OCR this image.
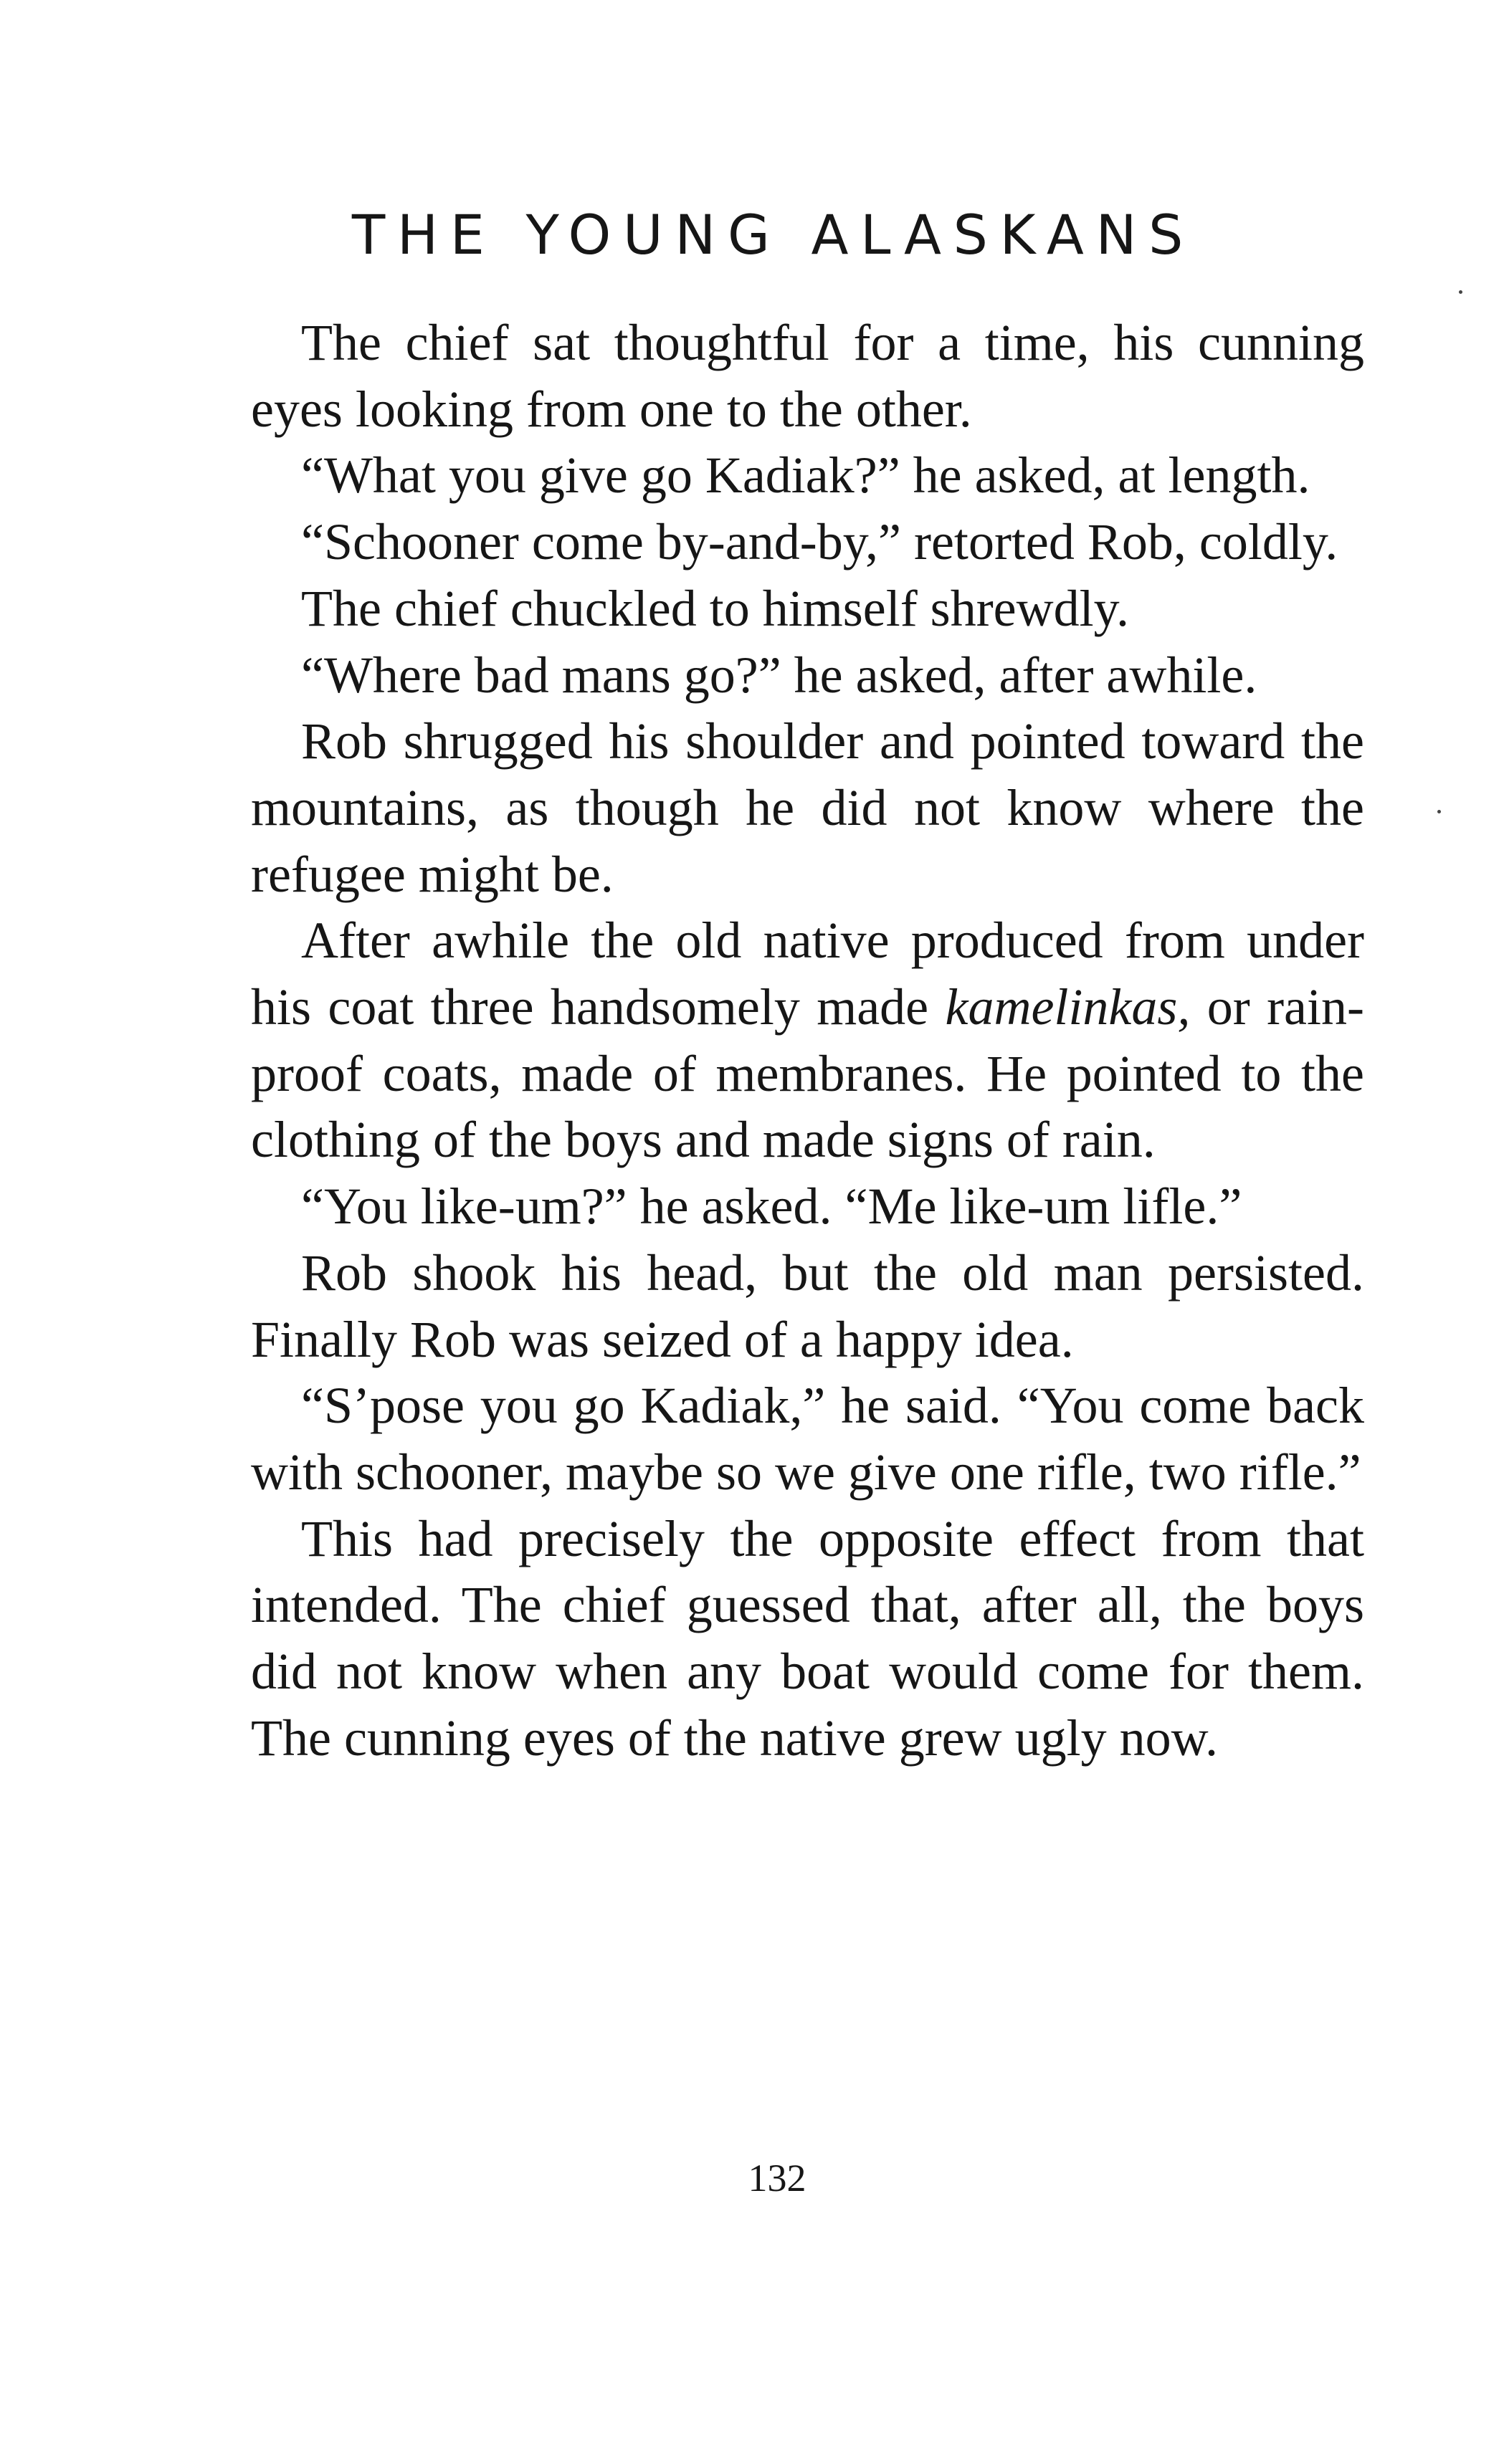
THE YOUNG ALASKANS

The chief sat thoughtful for a time, his cunning eyes looking from one to the other.

“What you give go Kadiak?” he asked, at length.

“Schooner come by-and-by,” retorted Rob, coldly.

The chief chuckled to himself shrewdly.

“Where bad mans go?” he asked, after awhile.

Rob shrugged his shoulder and pointed toward the mountains, as though he did not know where the refugee might be.

After awhile the old native produced from under his coat three handsomely made kamelinkas, or rain-proof coats, made of membranes. He pointed to the clothing of the boys and made signs of rain.

“You like-um?” he asked. “Me like-um lifle.”

Rob shook his head, but the old man persisted. Finally Rob was seized of a happy idea.

“S’pose you go Kadiak,” he said. “You come back with schooner, maybe so we give one rifle, two rifle.”

This had precisely the opposite effect from that intended. The chief guessed that, after all, the boys did not know when any boat would come for them. The cunning eyes of the native grew ugly now.

132
